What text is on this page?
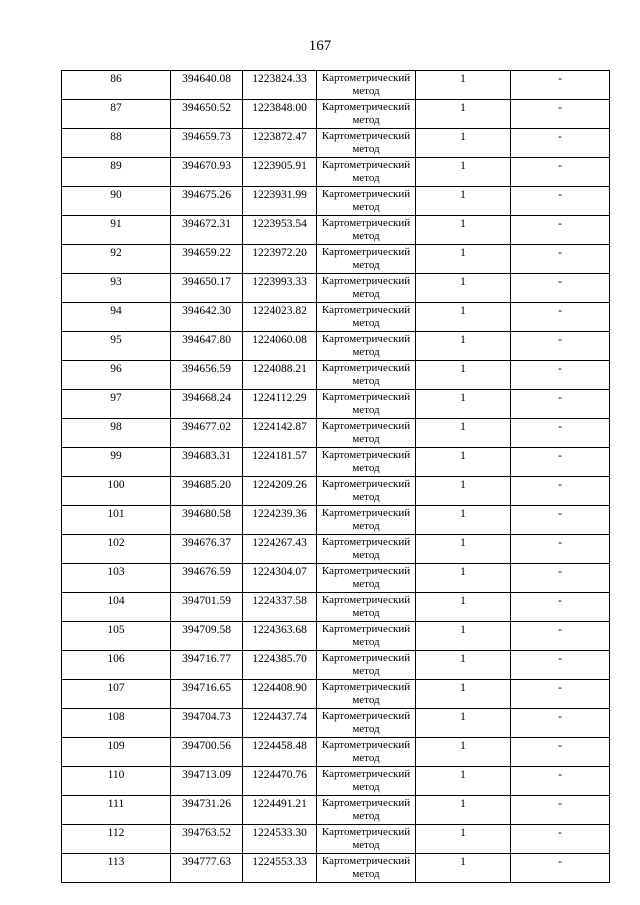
167
86	394640.08	1223824.33	Картометрический метод	1	-
87	394650.52	1223848.00	Картометрический метод	1	-
88	394659.73	1223872.47	Картометрический метод	1	-
89	394670.93	1223905.91	Картометрический метод	1	-
90	394675.26	1223931.99	Картометрический метод	1	-
91	394672.31	1223953.54	Картометрический метод	1	-
92	394659.22	1223972.20	Картометрический метод	1	-
93	394650.17	1223993.33	Картометрический метод	1	-
94	394642.30	1224023.82	Картометрический метод	1	-
95	394647.80	1224060.08	Картометрический метод	1	-
96	394656.59	1224088.21	Картометрический метод	1	-
97	394668.24	1224112.29	Картометрический метод	1	-
98	394677.02	1224142.87	Картометрический метод	1	-
99	394683.31	1224181.57	Картометрический метод	1	-
100	394685.20	1224209.26	Картометрический метод	1	-
101	394680.58	1224239.36	Картометрический метод	1	-
102	394676.37	1224267.43	Картометрический метод	1	-
103	394676.59	1224304.07	Картометрический метод	1	-
104	394701.59	1224337.58	Картометрический метод	1	-
105	394709.58	1224363.68	Картометрический метод	1	-
106	394716.77	1224385.70	Картометрический метод	1	-
107	394716.65	1224408.90	Картометрический метод	1	-
108	394704.73	1224437.74	Картометрический метод	1	-
109	394700.56	1224458.48	Картометрический метод	1	-
110	394713.09	1224470.76	Картометрический метод	1	-
111	394731.26	1224491.21	Картометрический метод	1	-
112	394763.52	1224533.30	Картометрический метод	1	-
113	394777.63	1224553.33	Картометрический метод	1	-
